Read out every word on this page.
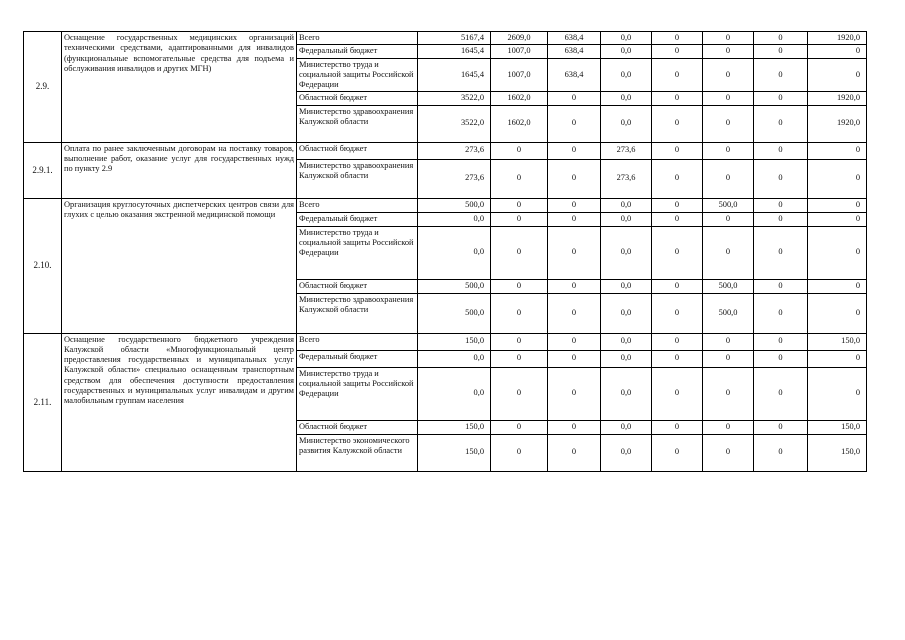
2.9.	Оснащение государственных медицинских организаций техническими средствами, адаптированными для инвалидов (функциональные вспомогательные средства для подъема и обслуживания инвалидов и других МГН)	Всего	5167,4	2609,0	638,4	0,0	0	0	0	1920,0
		Федеральный бюджет	1645,4	1007,0	638,4	0,0	0	0	0	0
		Министерство труда и социальной защиты Российской Федерации	1645,4	1007,0	638,4	0,0	0	0	0	0
		Областной бюджет	3522,0	1602,0	0	0,0	0	0	0	1920,0
		Министерство здравоохранения Калужской области	3522,0	1602,0	0	0,0	0	0	0	1920,0
2.9.1.	Оплата по ранее заключенным договорам на поставку товаров, выполнение работ, оказание услуг для государственных нужд по пункту 2.9	Областной бюджет	273,6	0	0	273,6	0	0	0	0
		Министерство здравоохранения Калужской области	273,6	0	0	273,6	0	0	0	0
2.10.	Организация круглосуточных диспетчерских центров связи для глухих с целью оказания экстренной медицинской помощи	Всего	500,0	0	0	0,0	0	500,0	0	0
		Федеральный бюджет	0,0	0	0	0,0	0	0	0	0
		Министерство труда и социальной защиты Российской Федерации	0,0	0	0	0,0	0	0	0	0
		Областной бюджет	500,0	0	0	0,0	0	500,0	0	0
		Министерство здравоохранения Калужской области	500,0	0	0	0,0	0	500,0	0	0
2.11.	Оснащение государственного бюджетного учреждения Калужской области «Многофункциональный центр предоставления государственных и муниципальных услуг Калужской области» специально оснащенным транспортным средством для обеспечения доступности предоставления государственных и муниципальных услуг инвалидам и другим малобильным группам населения	Всего	150,0	0	0	0,0	0	0	0	150,0
		Федеральный бюджет	0,0	0	0	0,0	0	0	0	0
		Министерство труда и социальной защиты Российской Федерации	0,0	0	0	0,0	0	0	0	0
		Областной бюджет	150,0	0	0	0,0	0	0	0	150,0
		Министерство экономического развития Калужской области	150,0	0	0	0,0	0	0	0	150,0
